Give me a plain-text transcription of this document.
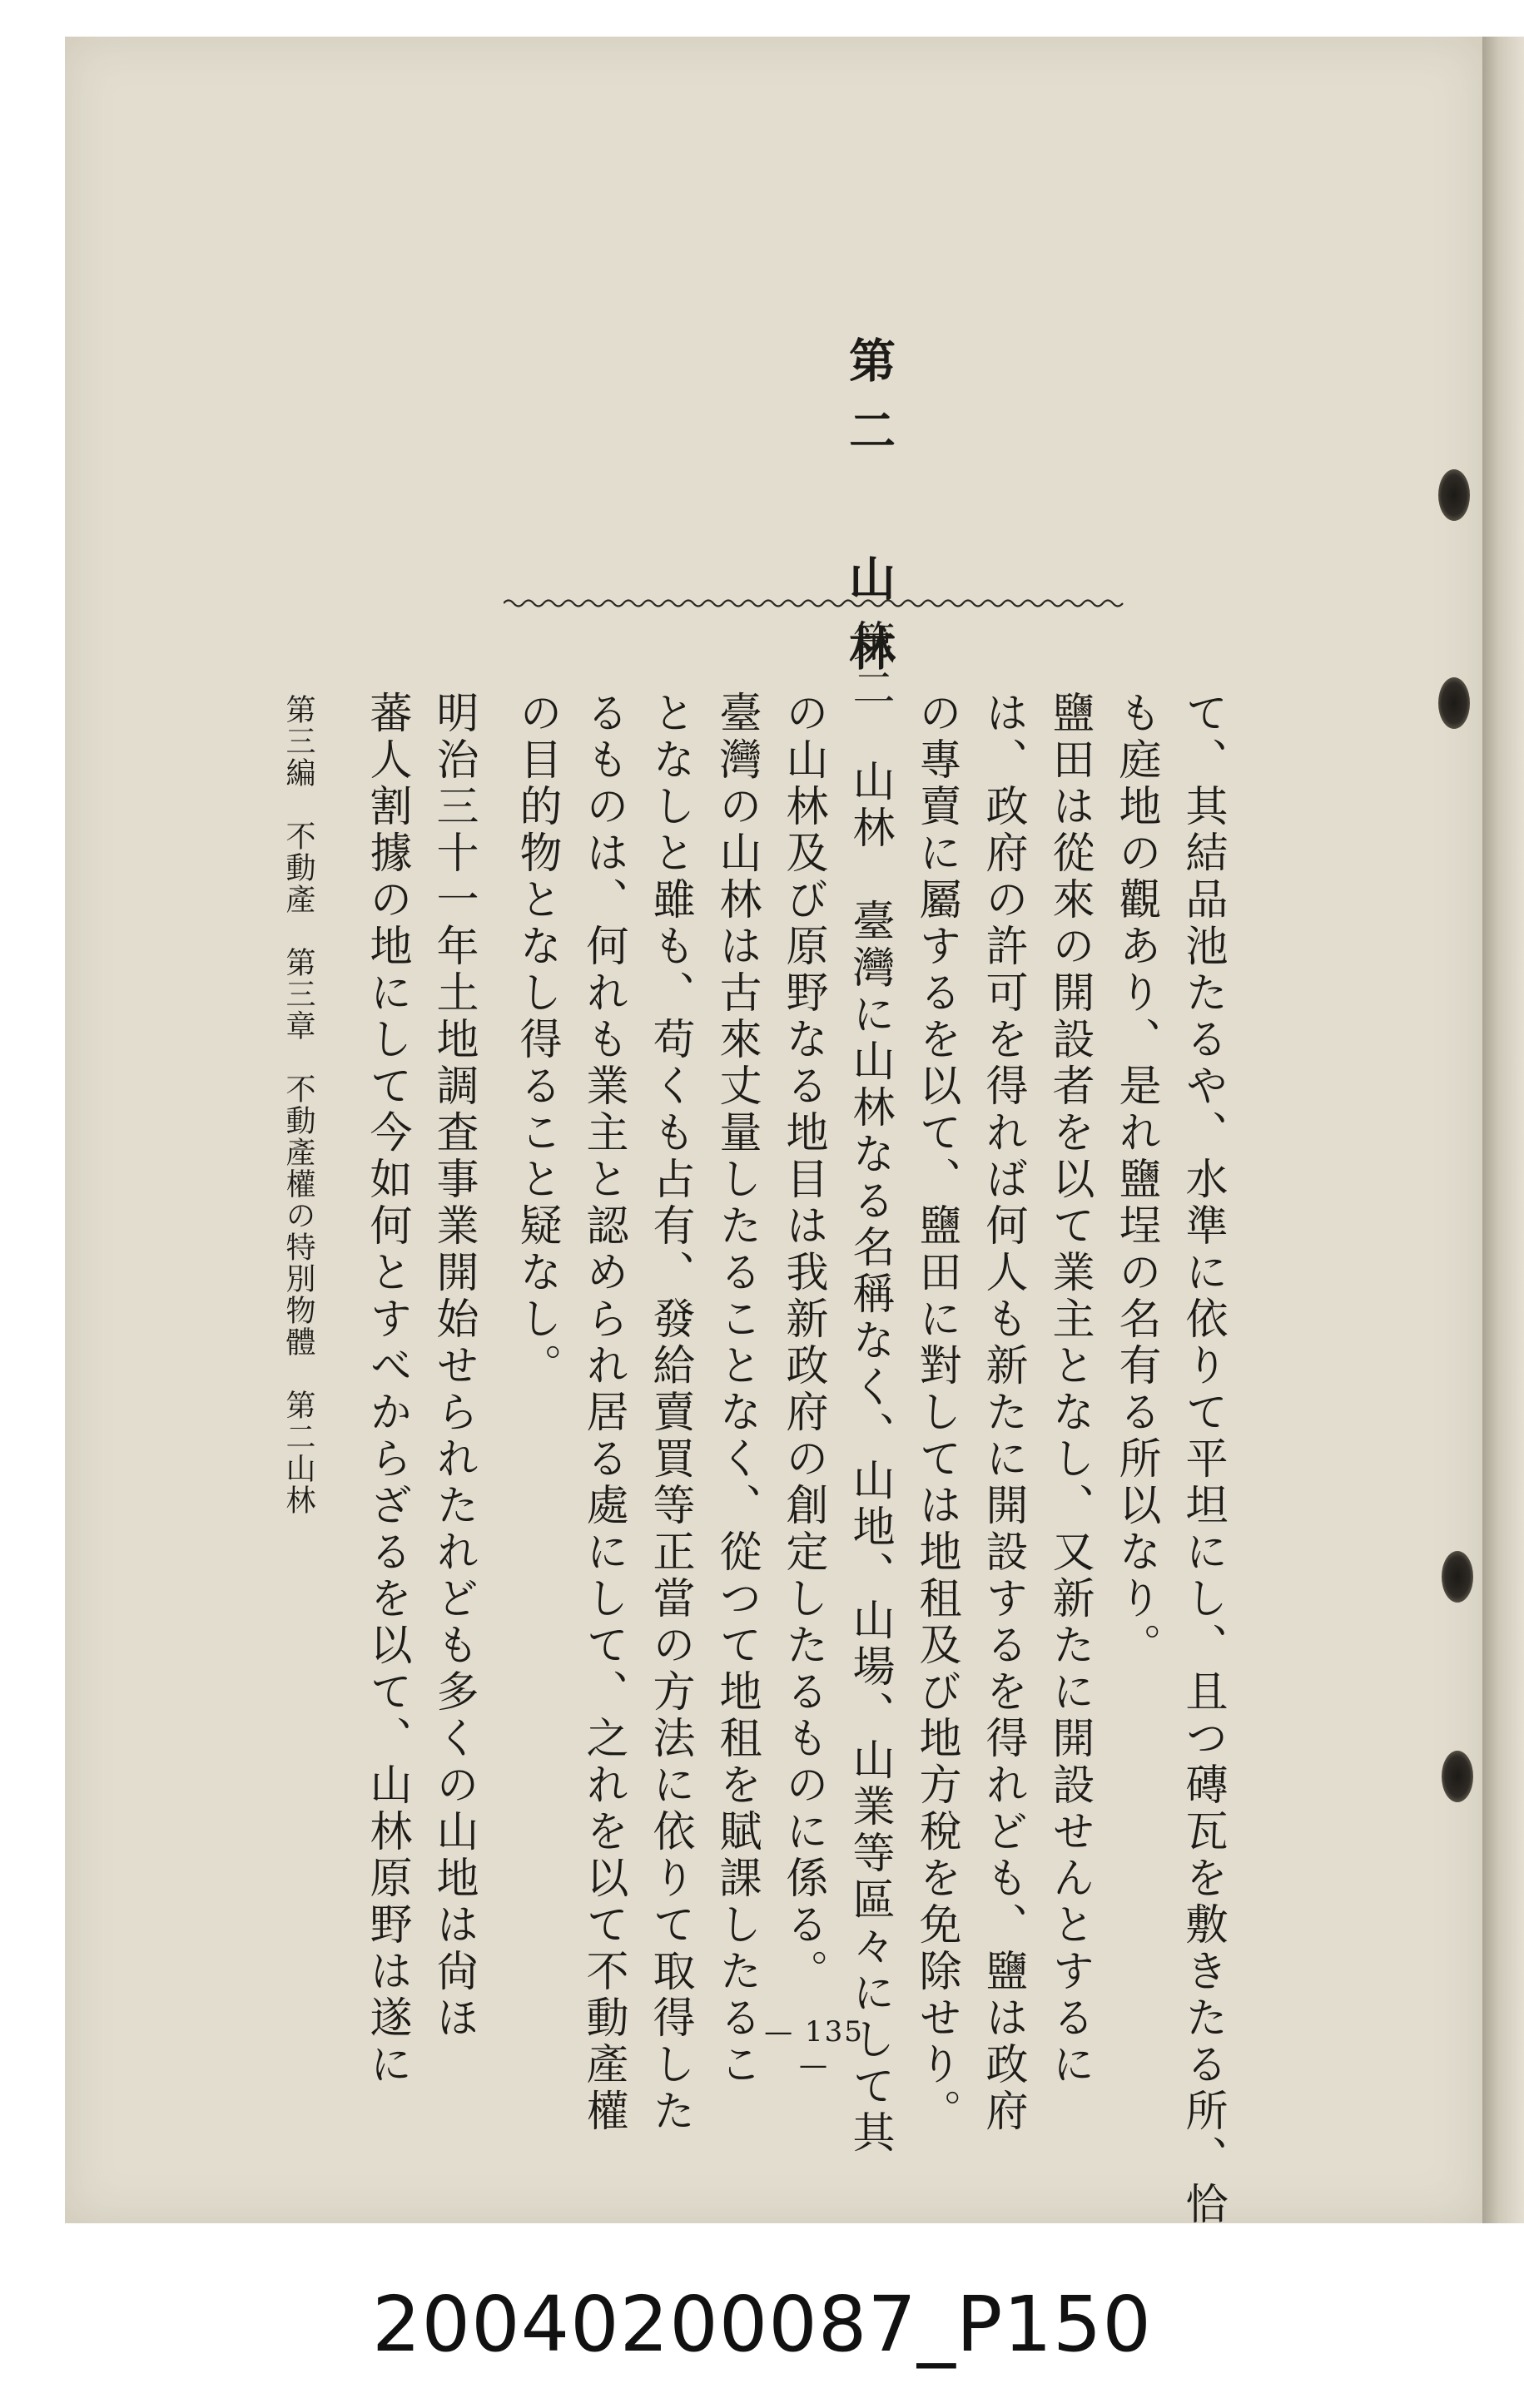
て、其結品池たるや、水準に依りて平坦にし、且つ磚瓦を敷きたる所、恰
も庭地の觀あり、是れ鹽埕の名有る所以なり。
鹽田は從來の開設者を以て業主となし、又新たに開設せんとするに
は、政府の許可を得れば何人も新たに開設するを得れども、鹽は政府
の專賣に屬するを以て、鹽田に對しては地租及び地方稅を免除せり。
第二 山林
第二　山林　臺灣に山林なる名稱なく、山地、山場、山業等區々にして其
の山林及び原野なる地目は我新政府の創定したるものに係る。
臺灣の山林は古來丈量したることなく、從つて地租を賦課したるこ
となしと雖も、苟くも占有、發給賣買等正當の方法に依りて取得した
るものは、何れも業主と認められ居る處にして、之れを以て不動產權
の目的物となし得ること疑なし。
明治三十一年土地調査事業開始せられたれども多くの山地は尙ほ
蕃人割據の地にして今如何とすべからざるを以て、山林原野は遂に
第三編　不動產　第三章　不動產權の特別物體　第二山林
— 135 —
20040200087_P150
